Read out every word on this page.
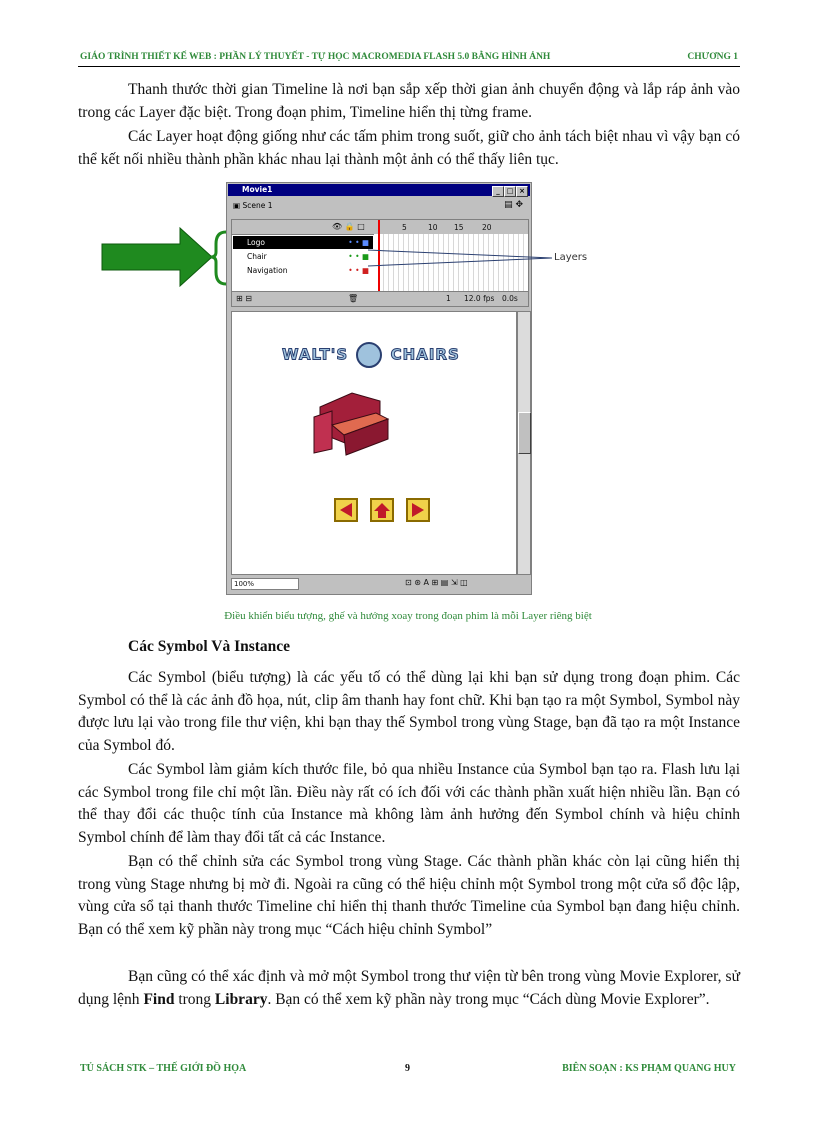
GIÁO TRÌNH THIẾT KẾ WEB : PHẦN LÝ THUYẾT - TỰ HỌC MACROMEDIA FLASH 5.0 BẰNG HÌNH ẢNH	CHƯƠNG 1

Thanh thước thời gian Timeline là nơi bạn sắp xếp thời gian ảnh chuyển động và lắp ráp ảnh vào trong các Layer đặc biệt. Trong đoạn phim, Timeline hiển thị từng frame.

Các Layer hoạt động giống như các tấm phim trong suốt, giữ cho ảnh tách biệt nhau vì vậy bạn có thể kết nối nhiều thành phần khác nhau lại thành một ảnh có thể thấy liên tục.

Movie1	_ □ ×
▣ Scene 1	▤ ✥
👁 🔒 □	5	10 15 20
Logo	• • ■
Chair	• • ■
Navigation	• • ■
⊞ ⊟	🗑	1 12.0 fps 0.0s
WALT'S	CHAIRS
100%	⊡ ⊛ A ⊞ ▤ ⇲ ◫
Layers
Điều khiển biểu tượng, ghế và hướng xoay trong đoạn phim là mỗi Layer riêng biệt
Các Symbol Và Instance

Các Symbol (biểu tượng) là các yếu tố có thể dùng lại khi bạn sử dụng trong đoạn phim. Các Symbol có thể là các ảnh đồ họa, nút, clip âm thanh hay font chữ. Khi bạn tạo ra một Symbol, Symbol này được lưu lại vào trong file thư viện, khi bạn thay thế Symbol trong vùng Stage, bạn đã tạo ra một Instance của Symbol đó.

Các Symbol làm giảm kích thước file, bỏ qua nhiều Instance của Symbol bạn tạo ra. Flash lưu lại các Symbol trong file chỉ một lần. Điều này rất có ích đối với các thành phần xuất hiện nhiều lần. Bạn có thể thay đổi các thuộc tính của Instance mà không làm ảnh hưởng đến Symbol chính và hiệu chỉnh Symbol chính để làm thay đổi tất cả các Instance.

Bạn có thể chỉnh sửa các Symbol trong vùng Stage. Các thành phần khác còn lại cũng hiển thị trong vùng Stage nhưng bị mờ đi. Ngoài ra cũng có thể hiệu chỉnh một Symbol trong một cửa sổ độc lập, vùng cửa sổ tại thanh thước Timeline chỉ hiển thị thanh thước Timeline của Symbol bạn đang hiệu chỉnh. Bạn có thể xem kỹ phần này trong mục “Cách hiệu chỉnh Symbol”

Bạn cũng có thể xác định và mở một Symbol trong thư viện từ bên trong vùng Movie Explorer, sử dụng lệnh Find trong Library. Bạn có thể xem kỹ phần này trong mục “Cách dùng Movie Explorer”.

TỦ SÁCH STK – THẾ GIỚI ĐỒ HỌA	9	BIÊN SOẠN : KS PHẠM QUANG HUY
